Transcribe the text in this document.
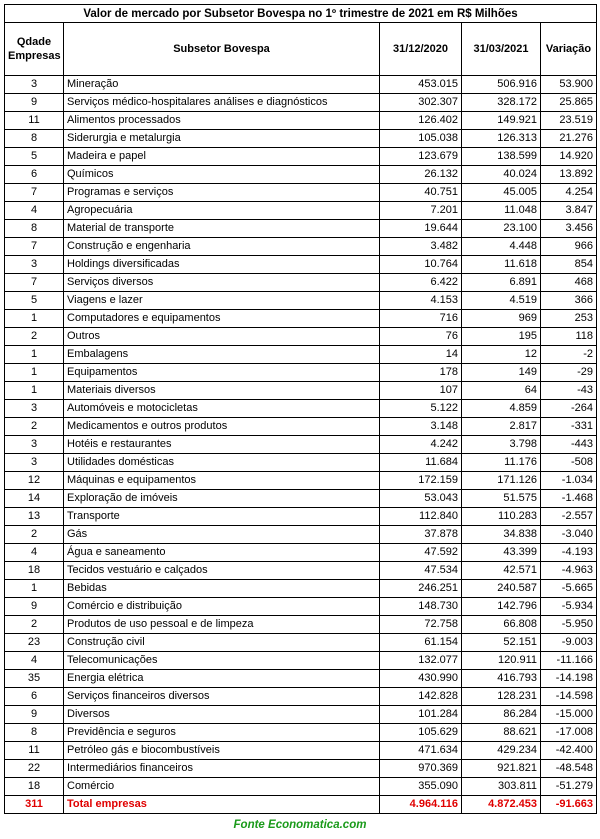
Valor de mercado por Subsetor Bovespa no 1º trimestre de 2021 em R$ Milhões				
Qdade Empresas	Subsetor Bovespa	31/12/2020	31/03/2021	Variação
3	Mineração	453.015	506.916	53.900
9	Serviços médico-hospitalares análises e diagnósticos	302.307	328.172	25.865
11	Alimentos processados	126.402	149.921	23.519
8	Siderurgia e metalurgia	105.038	126.313	21.276
5	Madeira e papel	123.679	138.599	14.920
6	Químicos	26.132	40.024	13.892
7	Programas e serviços	40.751	45.005	4.254
4	Agropecuária	7.201	11.048	3.847
8	Material de transporte	19.644	23.100	3.456
7	Construção e engenharia	3.482	4.448	966
3	Holdings diversificadas	10.764	11.618	854
7	Serviços diversos	6.422	6.891	468
5	Viagens e lazer	4.153	4.519	366
1	Computadores e equipamentos	716	969	253
2	Outros	76	195	118
1	Embalagens	14	12	-2
1	Equipamentos	178	149	-29
1	Materiais diversos	107	64	-43
3	Automóveis e motocicletas	5.122	4.859	-264
2	Medicamentos e outros produtos	3.148	2.817	-331
3	Hotéis e restaurantes	4.242	3.798	-443
3	Utilidades domésticas	11.684	11.176	-508
12	Máquinas e equipamentos	172.159	171.126	-1.034
14	Exploração de imóveis	53.043	51.575	-1.468
13	Transporte	112.840	110.283	-2.557
2	Gás	37.878	34.838	-3.040
4	Água e saneamento	47.592	43.399	-4.193
18	Tecidos vestuário e calçados	47.534	42.571	-4.963
1	Bebidas	246.251	240.587	-5.665
9	Comércio e distribuição	148.730	142.796	-5.934
2	Produtos de uso pessoal e de limpeza	72.758	66.808	-5.950
23	Construção civil	61.154	52.151	-9.003
4	Telecomunicações	132.077	120.911	-11.166
35	Energia elétrica	430.990	416.793	-14.198
6	Serviços financeiros diversos	142.828	128.231	-14.598
9	Diversos	101.284	86.284	-15.000
8	Previdência e seguros	105.629	88.621	-17.008
11	Petróleo gás e biocombustíveis	471.634	429.234	-42.400
22	Intermediários financeiros	970.369	921.821	-48.548
18	Comércio	355.090	303.811	-51.279
311	Total empresas	4.964.116	4.872.453	-91.663
Fonte Economatica.com
